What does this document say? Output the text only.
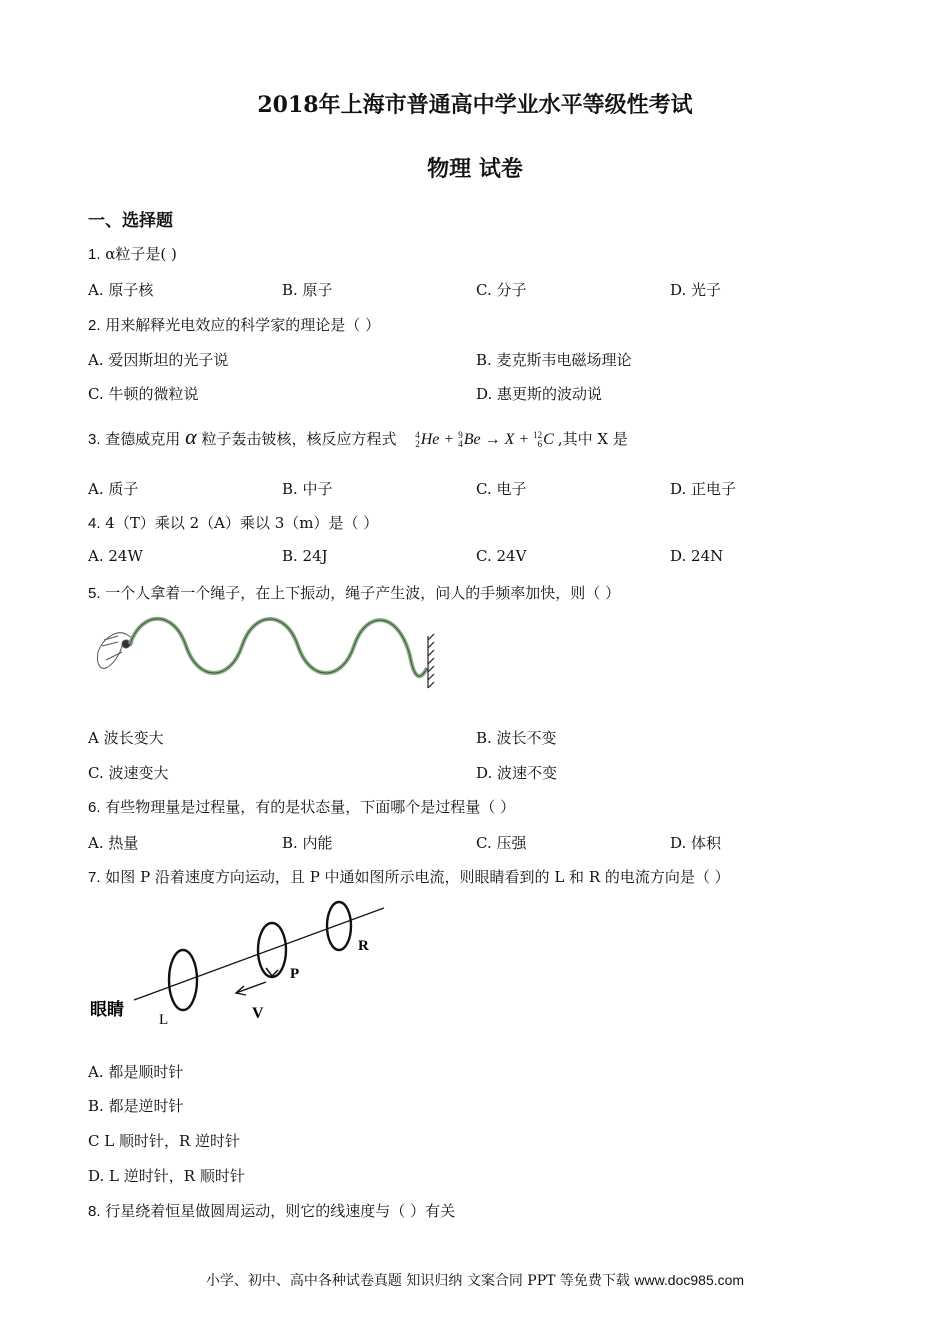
2018年上海市普通高中学业水平等级性考试
物理 试卷
一、选择题
1. α粒子是( )
A. 原子核	B. 原子	C. 分子	D. 光子
2. 用来解释光电效应的科学家的理论是（ ）
A. 爱因斯坦的光子说	B. 麦克斯韦电磁场理论
C. 牛顿的微粒说	D. 惠更斯的波动说
3. 查德威克用 α 粒子轰击铍核，核反应方程式 4
2 He + 9
4 Be → X + 12
6 C ,其中 X 是
A. 质子	B. 中子	C. 电子	D. 正电子
4. 4（T）乘以 2（A）乘以 3（m）是（ ）
A. 24W	B. 24J	C. 24V	D. 24N
5. 一个人拿着一个绳子，在上下振动，绳子产生波，问人的手频率加快，则（ ）
A 波长变大	B. 波长不变
C. 波速变大	D. 波速不变
6. 有些物理量是过程量，有的是状态量，下面哪个是过程量（ ）
A. 热量	B. 内能	C. 压强	D. 体积
7. 如图 P 沿着速度方向运动，且 P 中通如图所示电流，则眼睛看到的 L 和 R 的电流方向是（ ）
眼睛 L
P
R
V
A. 都是顺时针
B. 都是逆时针
C L 顺时针，R 逆时针
D. L 逆时针，R 顺时针
8. 行星绕着恒星做圆周运动，则它的线速度与（ ）有关
小学、初中、高中各种试卷真题 知识归纳 文案合同 PPT 等免费下载 www.doc985.com
